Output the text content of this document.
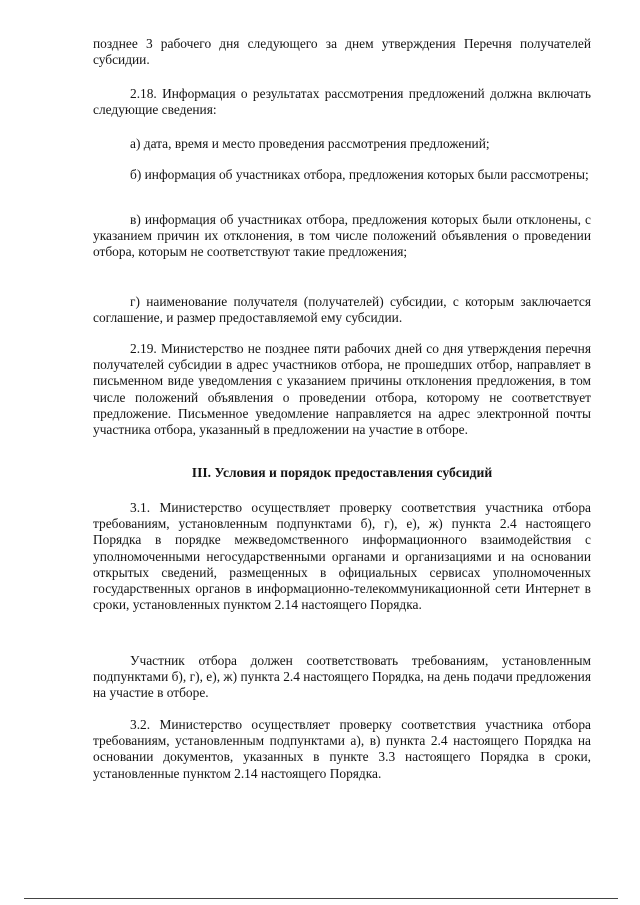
позднее 3 рабочего дня следующего за днем утверждения Перечня получателей субсидии.

2.18. Информация о результатах рассмотрения предложений должна включать следующие сведения:

а) дата, время и место проведения рассмотрения предложений;

б) информация об участниках отбора, предложения которых были рассмотрены;

в) информация об участниках отбора, предложения которых были отклонены, с указанием причин их отклонения, в том числе положений объявления о проведении отбора, которым не соответствуют такие предложения;

г) наименование получателя (получателей) субсидии, с которым заключается соглашение, и размер предоставляемой ему субсидии.

2.19. Министерство не позднее пяти рабочих дней со дня утверждения перечня получателей субсидии в адрес участников отбора, не прошедших отбор, направляет в письменном виде уведомления с указанием причины отклонения предложения, в том числе положений объявления о проведении отбора, которому не соответствует предложение. Письменное уведомление направляется на адрес электронной почты участника отбора, указанный в предложении на участие в отборе.

III. Условия и порядок предоставления субсидий

3.1. Министерство осуществляет проверку соответствия участника отбора требованиям, установленным подпунктами б), г), е), ж) пункта 2.4 настоящего Порядка в порядке межведомственного информационного взаимодействия с уполномоченными негосударственными органами и организациями и на основании открытых сведений, размещенных в официальных сервисах уполномоченных государственных органов в информационно-телекоммуникационной сети Интернет в сроки, установленных пунктом 2.14 настоящего Порядка.

Участник отбора должен соответствовать требованиям, установленным подпунктами б), г), е), ж) пункта 2.4 настоящего Порядка, на день подачи предложения на участие в отборе.

3.2. Министерство осуществляет проверку соответствия участника отбора требованиям, установленным подпунктами а), в) пункта 2.4 настоящего Порядка на основании документов, указанных в пункте 3.3 настоящего Порядка в сроки, установленные пунктом 2.14 настоящего Порядка.
